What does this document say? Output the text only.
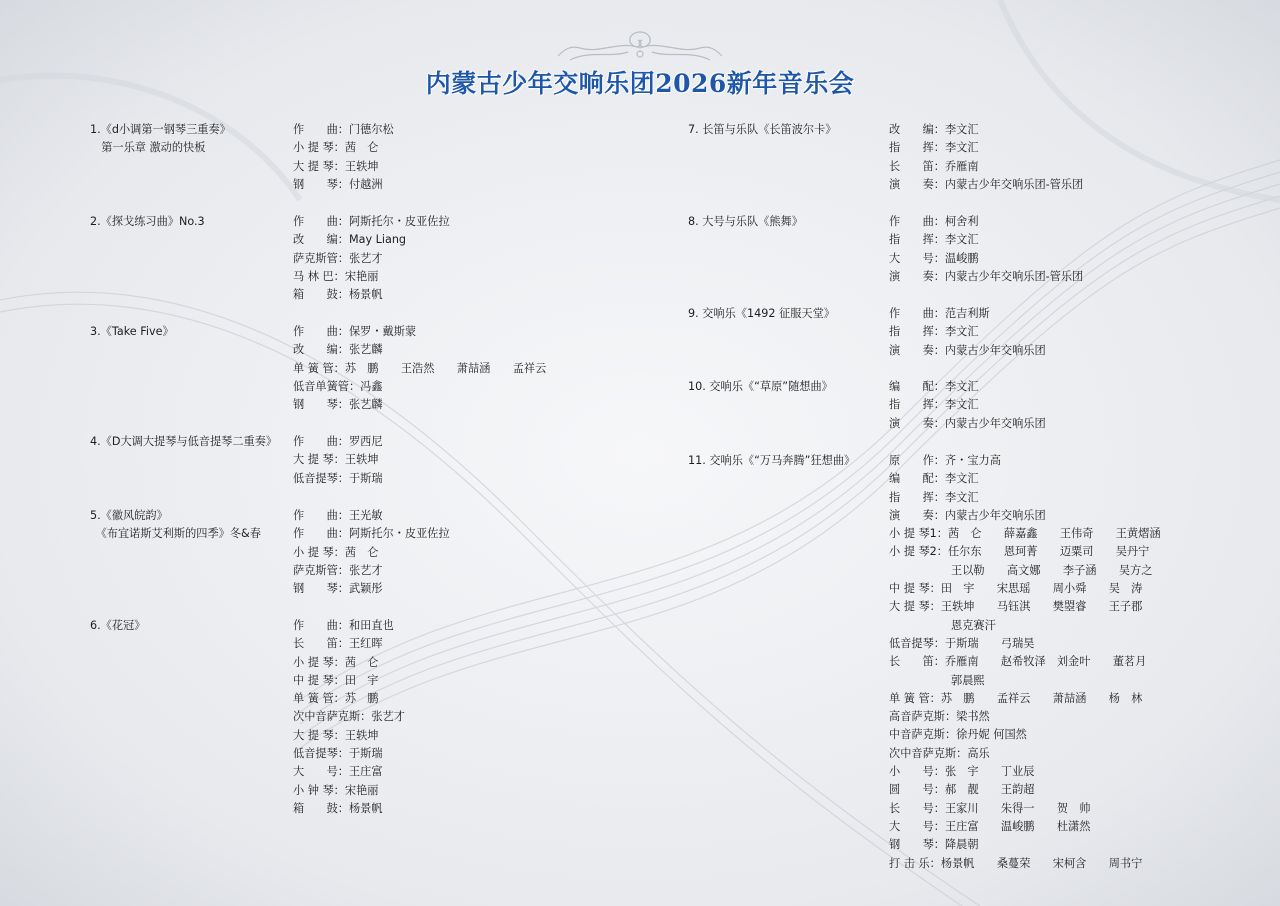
内蒙古少年交响乐团2026新年音乐会
1.《d小调第一钢琴三重奏》
　第一乐章 激动的快板
作　　曲：门德尔松
小 提 琴：茜　仑
大 提 琴：王轶坤
钢　　琴：付越洲
2.《探戈练习曲》No.3	作　　曲：阿斯托尔・皮亚佐拉
改　　编：May Liang
萨克斯管：张艺才
马 林 巴：宋艳丽
箱　　鼓：杨景帆
3.《Take Five》	作　　曲：保罗・戴斯蒙
改　　编：张艺麟
单 簧 管：苏　鹏　　王浩然　　萧喆涵　　孟祥云
低音单簧管：冯鑫
钢　　琴：张艺麟
4.《D大调大提琴与低音提琴二重奏》 作　　曲：罗西尼
大 提 琴：王轶坤
低音提琴：于斯瑞
5.《徽风皖韵》
　《布宜诺斯艾利斯的四季》冬&春
作　　曲：王光敏
作　　曲：阿斯托尔・皮亚佐拉
小 提 琴：茜　仑
萨克斯管：张艺才
钢　　琴：武颖彤
6.《花冠》	作　　曲：和田直也
长　　笛：王红晖
小 提 琴：茜　仑
中 提 琴：田　宇
单 簧 管：苏　鹏
次中音萨克斯：张艺才
大 提 琴：王轶坤
低音提琴：于斯瑞
大　　号：王庄富
小 钟 琴：宋艳丽
箱　　鼓：杨景帆
7. 长笛与乐队《长笛波尔卡》	改　　编：李文汇
指　　挥：李文汇
长　　笛：乔雁南
演　　奏：内蒙古少年交响乐团-管乐团
8. 大号与乐队《熊舞》	作　　曲：柯舍利
指　　挥：李文汇
大　　号：温峻鹏
演　　奏：内蒙古少年交响乐团-管乐团
9. 交响乐《1492 征服天堂》	作　　曲：范吉利斯
指　　挥：李文汇
演　　奏：内蒙古少年交响乐团
10. 交响乐《“草原”随想曲》	编　　配：李文汇
指　　挥：李文汇
演　　奏：内蒙古少年交响乐团
11. 交响乐《“万马奔腾”狂想曲》	原　　作：齐・宝力高
编　　配：李文汇
指　　挥：李文汇
演　　奏：内蒙古少年交响乐团
小 提 琴1：茜　仑　　薛嘉鑫　　王伟奇　　王黄熠涵
小 提 琴2：任尔东　　恩珂菁　　迈粟司　　吴丹宁
王以勒　　高文娜　　李子涵　　吴方之
中 提 琴：田　宇　　宋思瑶　　周小舜　　吴　涛
大 提 琴：王轶坤　　马钰淇　　樊曌睿　　王子郡
恩克赛汗
低音提琴：于斯瑞　　弓瑞昊
长　　笛：乔雁南　　赵希牧泽　刘金叶　　董茗月
郭晨熙
单 簧 管：苏　鹏　　孟祥云　　萧喆涵　　杨　林
高音萨克斯：梁书然
中音萨克斯：徐丹妮 何国然
次中音萨克斯：高乐
小　　号：张　宇　　丁业辰
圆　　号：郝　靓　　王韵超
长　　号：王家川　　朱得一　　贺　帅
大　　号：王庄富　　温峻鹏　　杜潇然
钢　　琴：降晨朝
打 击 乐：杨景帆　　桑蔓荣　　宋柯含　　周书宁
